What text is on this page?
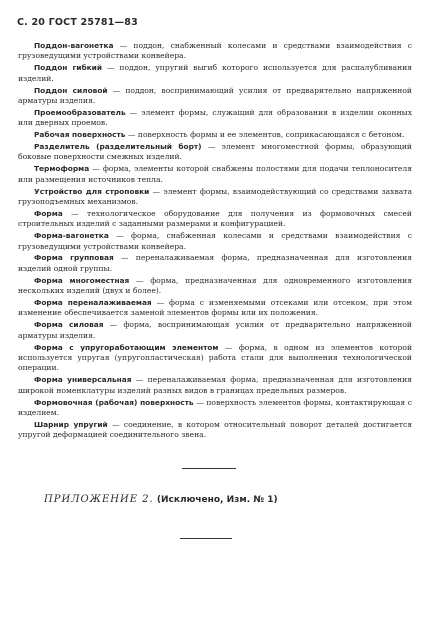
С. 20 ГОСТ 25781—83

Поддон-вагонетка — поддон, снабженный колесами и средствами взаимодействия с грузоведущими устройствами конвейера.

Поддон гибкий — поддон, упругий выгиб которого используется для распалубливания изделий.

Поддон силовой — поддон, воспринимающий усилия от предварительно напряженной арматуры изделия.

Проемообразователь — элемент формы, служащий для образования в изделии оконных или дверных проемов.

Рабочая поверхность — поверхность формы и ее элементов, соприкасающаяся с бетоном.

Разделитель (разделительный борт) — элемент многоместной формы, образующий боковые поверхности смежных изделий.

Термоформа — форма, элементы которой снабжены полостями для подачи теплоносителя или размещения источников тепла.

Устройство для строповки — элемент формы, взаимодействующий со средствами захвата грузоподъемных механизмов.

Форма — технологическое оборудование для получения из формовочных смесей строительных изделий с заданными размерами и конфигурацией.

Форма-вагонетка — форма, снабженная колесами и средствами взаимодействия с грузоведущими устройствами конвейера.

Форма групповая — переналаживаемая форма, предназначенная для изготовления изделий одной группы.

Форма многоместная — форма, предназначенная для одновременного изготовления нескольких изделий (двух и более).

Форма переналаживаемая — форма с изменяемыми отсеками или отсеком, при этом изменение обеспечивается заменой элементов формы или их положения.

Форма силовая — форма, воспринимающая усилия от предварительно напряженной арматуры изделия.

Форма с упругоработающим элементом — форма, в одном из элементов которой используется упругая (упругопластическая) работа стали для выполнения технологической операции.

Форма универсальная — переналаживаемая форма, предназначенная для изготовления широкой номенклатуры изделий разных видов в границах предельных размеров.

Формовочная (рабочая) поверхность — поверхность элементов формы, контактирующая с изделием.

Шарнир упругий — соединение, в котором относительный поворот деталей достигается упругой деформацией соединительного звена.

ПРИЛОЖЕНИЕ 2. (Исключено, Изм. № 1)
